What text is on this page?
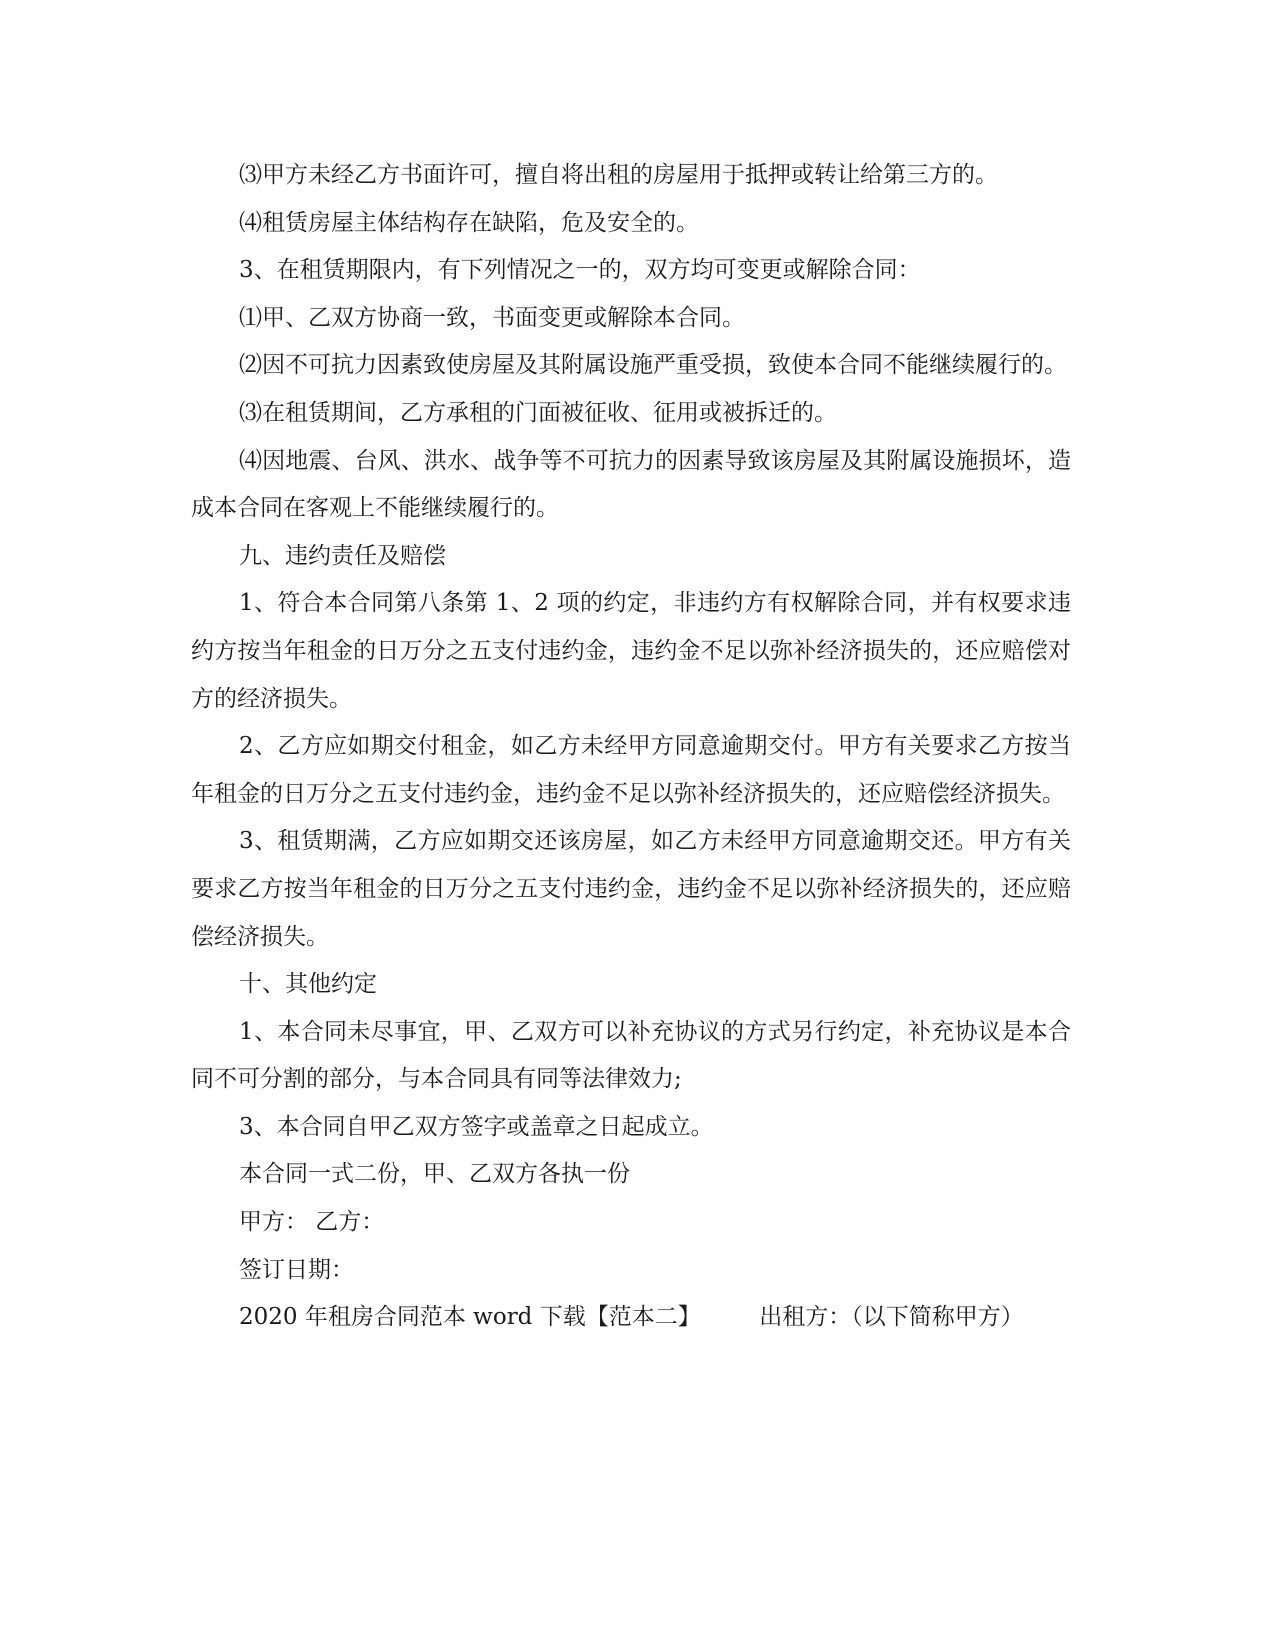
⑶甲方未经乙方书面许可，擅自将出租的房屋用于抵押或转让给第三方的。

⑷租赁房屋主体结构存在缺陷，危及安全的。

3、在租赁期限内，有下列情况之一的，双方均可变更或解除合同：

⑴甲、乙双方协商一致，书面变更或解除本合同。

⑵因不可抗力因素致使房屋及其附属设施严重受损，致使本合同不能继续履行的。

⑶在租赁期间，乙方承租的门面被征收、征用或被拆迁的。

⑷因地震、台风、洪水、战争等不可抗力的因素导致该房屋及其附属设施损坏，造成本合同在客观上不能继续履行的。

九、违约责任及赔偿

1、符合本合同第八条第 1、2 项的约定，非违约方有权解除合同，并有权要求违约方按当年租金的日万分之五支付违约金，违约金不足以弥补经济损失的，还应赔偿对方的经济损失。

2、乙方应如期交付租金，如乙方未经甲方同意逾期交付。甲方有关要求乙方按当年租金的日万分之五支付违约金，违约金不足以弥补经济损失的，还应赔偿经济损失。

3、租赁期满，乙方应如期交还该房屋，如乙方未经甲方同意逾期交还。甲方有关要求乙方按当年租金的日万分之五支付违约金，违约金不足以弥补经济损失的，还应赔偿经济损失。

十、其他约定

1、本合同未尽事宜，甲、乙双方可以补充协议的方式另行约定，补充协议是本合同不可分割的部分，与本合同具有同等法律效力;

3、本合同自甲乙双方签字或盖章之日起成立。

本合同一式二份，甲、乙双方各执一份

甲方： 乙方：

签订日期：

2020 年租房合同范本 word 下载【范本二】        出租方：（以下简称甲方）
